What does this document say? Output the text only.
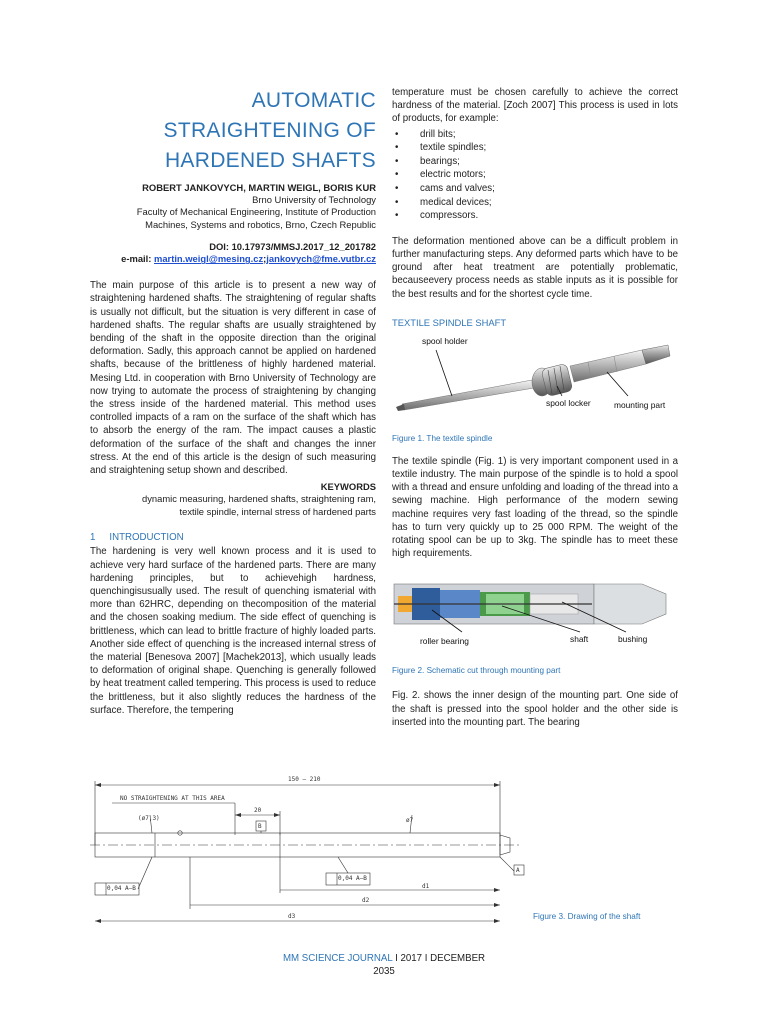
AUTOMATIC
STRAIGHTENING OF
HARDENED SHAFTS
ROBERT JANKOVYCH, MARTIN WEIGL, BORIS KUR
Brno University of Technology
Faculty of Mechanical Engineering, Institute of Production
Machines, Systems and robotics, Brno, Czech Republic
DOI: 10.17973/MMSJ.2017_12_201782
e-mail: martin.weigl@mesing.cz;jankovych@fme.vutbr.cz

The main purpose of this article is to present a new way of straightening hardened shafts. The straightening of regular shafts is usually not difficult, but the situation is very different in case of hardened shafts. The regular shafts are usually straightened by bending of the shaft in the opposite direction than the original deformation. Sadly, this approach cannot be applied on hardened shafts, because of the brittleness of highly hardened material. Mesing Ltd. in cooperation with Brno University of Technology are now trying to automate the process of straightening by changing the stress inside of the hardened material. This method uses controlled impacts of a ram on the surface of the shaft which has to absorb the energy of the ram. The impact causes a plastic deformation of the surface of the shaft and changes the inner stress. At the end of this article is the design of such measuring and straightening setup shown and described.

KEYWORDS
dynamic measuring, hardened shafts, straightening ram,
textile spindle, internal stress of hardened parts
1 INTRODUCTION

The hardening is very well known process and it is used to achieve very hard surface of the hardened parts. There are many hardening principles, but to achievehigh hardness, quenchingisusually used. The result of quenching ismaterial with more than 62HRC, depending on thecomposition of the material and the chosen soaking medium. The side effect of quenching is brittleness, which can lead to brittle fracture of highly loaded parts. Another side effect of quenching is the increased internal stress of the material [Benesova 2007] [Machek2013], which usually leads to deformation of original shape. Quenching is generally followed by heat treatment called tempering. This process is used to reduce the brittleness, but it also slightly reduces the hardness of the surface. Therefore, the tempering

temperature must be chosen carefully to achieve the correct hardness of the material. [Zoch 2007] This process is used in lots of products, for example:

• drill bits;
• textile spindles;
• bearings;
• electric motors;
• cams and valves;
• medical devices;
• compressors.

The deformation mentioned above can be a difficult problem in further manufacturing steps. Any deformed parts which have to be ground after heat treatment are potentially problematic, becauseevery process needs as stable inputs as it is possible for the best results and for the shortest cycle time.

TEXTILE SPINDLE SHAFT
spool holder
spool locker	mounting part
Figure 1. The textile spindle

The textile spindle (Fig. 1) is very important component used in a textile industry. The main purpose of the spindle is to hold a spool with a thread and ensure unfolding and loading of the thread into a sewing machine. High performance of the modern sewing machine requires very fast loading of the thread, so the spindle has to turn very quickly up to 25 000 RPM. The weight of the rotating spool can be up to 3kg. The spindle has to meet these high requirements.

roller bearing	shaft	bushing
Figure 2. Schematic cut through mounting part

Fig. 2. shows the inner design of the mounting part. One side of the shaft is pressed into the spool holder and the other side is inserted into the mounting part. The bearing

150 – 210
NO STRAIGHTENING AT THIS AREA
20
B
A
(ø7,3)	ø7
0,04 A–B
0,04 A–B
d1
d2
d3	Figure 3. Drawing of the shaft
MM SCIENCE JOURNAL I 2017 I DECEMBER
2035
